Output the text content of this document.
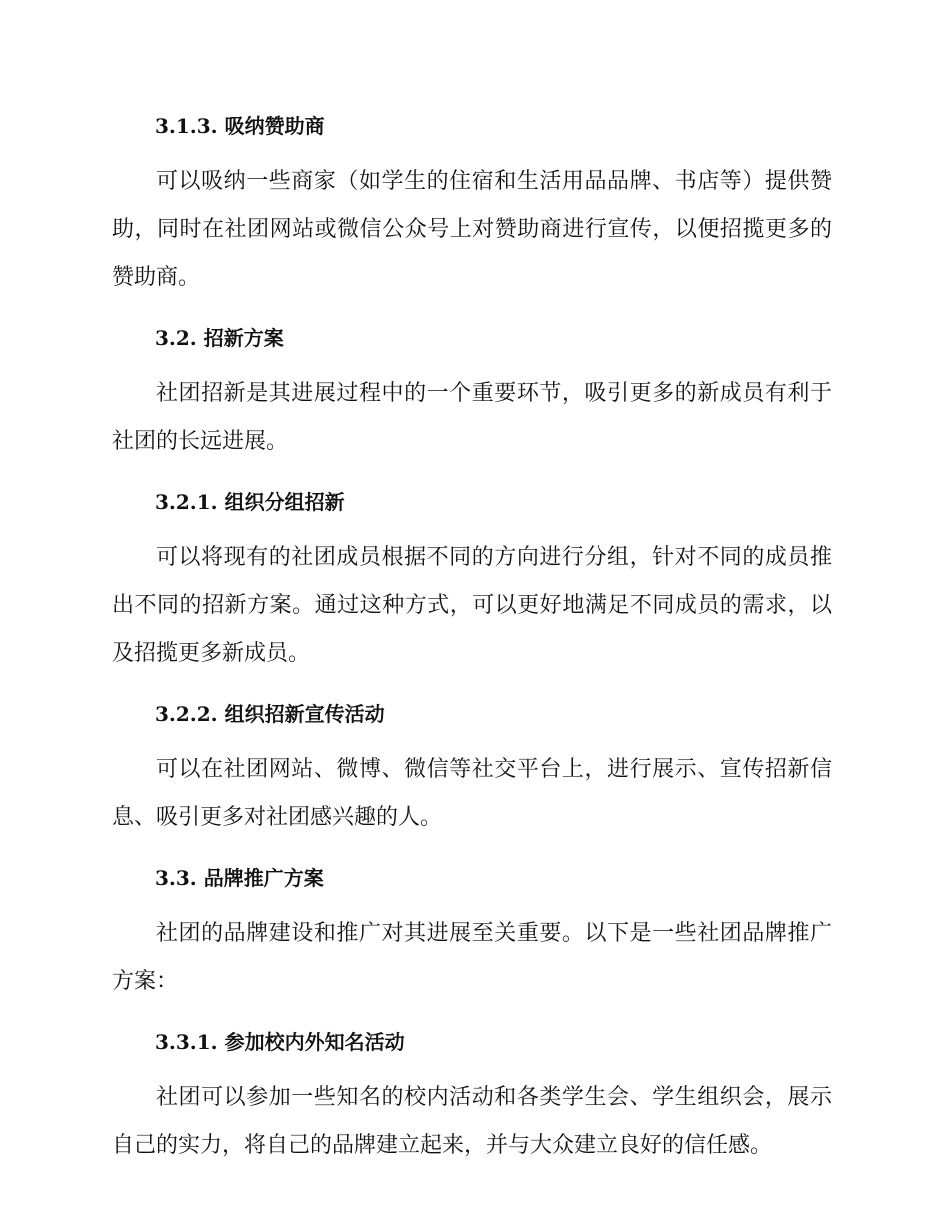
3.1.3. 吸纳赞助商

可以吸纳一些商家（如学生的住宿和生活用品品牌、书店等）提供赞助，同时在社团网站或微信公众号上对赞助商进行宣传，以便招揽更多的赞助商。

3.2. 招新方案

社团招新是其进展过程中的一个重要环节，吸引更多的新成员有利于社团的长远进展。

3.2.1. 组织分组招新

可以将现有的社团成员根据不同的方向进行分组，针对不同的成员推出不同的招新方案。通过这种方式，可以更好地满足不同成员的需求，以及招揽更多新成员。

3.2.2. 组织招新宣传活动

可以在社团网站、微博、微信等社交平台上，进行展示、宣传招新信息、吸引更多对社团感兴趣的人。

3.3. 品牌推广方案

社团的品牌建设和推广对其进展至关重要。以下是一些社团品牌推广方案：

3.3.1. 参加校内外知名活动

社团可以参加一些知名的校内活动和各类学生会、学生组织会，展示自己的实力，将自己的品牌建立起来，并与大众建立良好的信任感。
